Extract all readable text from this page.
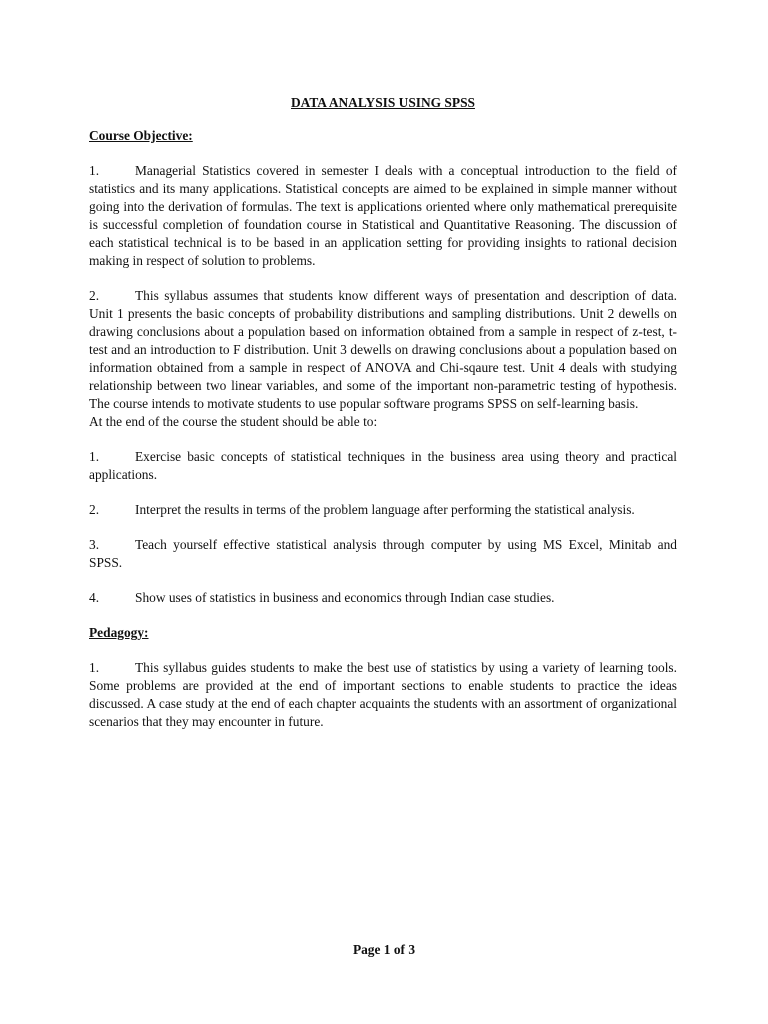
DATA ANALYSIS USING SPSS
Course Objective:
1.	Managerial Statistics covered in semester I deals with a conceptual introduction to the field of statistics and its many applications. Statistical concepts are aimed to be explained in simple manner without going into the derivation of formulas. The text is applications oriented where only mathematical prerequisite is successful completion of foundation course in Statistical and Quantitative Reasoning. The discussion of each statistical technical is to be based in an application setting for providing insights to rational decision making in respect of solution to problems.
2.	This syllabus assumes that students know different ways of presentation and description of data. Unit 1 presents the basic concepts of probability distributions and sampling distributions. Unit 2 dewells on drawing conclusions about a population based on information obtained from a sample in respect of z-test, t-test and an introduction to F distribution. Unit 3 dewells on drawing conclusions about a population based on information obtained from a sample in respect of ANOVA and Chi-sqaure test. Unit 4 deals with studying relationship between two linear variables, and some of the important non-parametric testing of hypothesis. The course intends to motivate students to use popular software programs SPSS on self-learning basis.
At the end of the course the student should be able to:
1.	Exercise basic concepts of statistical techniques in the business area using theory and practical applications.
2.	Interpret the results in terms of the problem language after performing the statistical analysis.
3.	Teach yourself effective statistical analysis through computer by using MS Excel, Minitab and SPSS.
4.	Show uses of statistics in business and economics through Indian case studies.
Pedagogy:
1.	This syllabus guides students to make the best use of statistics by using a variety of learning tools. Some problems are provided at the end of important sections to enable students to practice the ideas discussed. A case study at the end of each chapter acquaints the students with an assortment of organizational scenarios that they may encounter in future.
Page 1 of 3
